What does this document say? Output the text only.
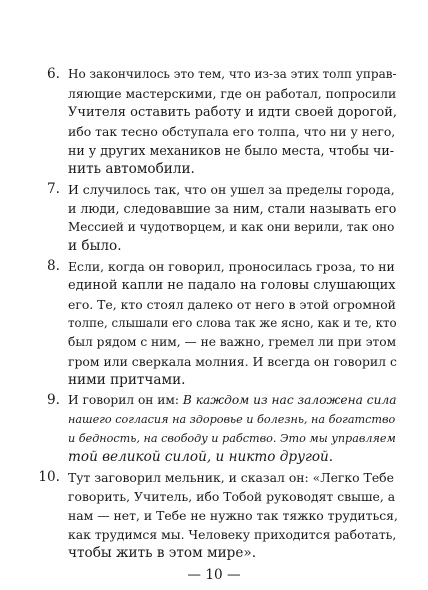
6. Но закончилось это тем, что из-за этих толп управ-
ляющие мастерскими, где он работал, попросили
Учителя оставить работу и идти своей дорогой,
ибо так тесно обступала его толпа, что ни у него,
ни у других механиков не было места, чтобы чи-
нить автомобили.
7. И случилось так, что он ушел за пределы города,
и люди, следовавшие за ним, стали называть его
Мессией и чудотворцем, и как они верили, так оно
и было.
8. Если, когда он говорил, проносилась гроза, то ни
единой капли не падало на головы слушающих
его. Те, кто стоял далеко от него в этой огромной
толпе, слышали его слова так же ясно, как и те, кто
был рядом с ним, — не важно, гремел ли при этом
гром или сверкала молния. И всегда он говорил с
ними притчами.
9. И говорил он им: В каждом из нас заложена сила
нашего согласия на здоровье и болезнь, на богатство
и бедность, на свободу и рабство. Это мы управляем
той великой силой, и никто другой.
10. Тут заговорил мельник, и сказал он: «Легко Тебе
говорить, Учитель, ибо Тобой руководят свыше, а
нам — нет, и Тебе не нужно так тяжко трудиться,
как трудимся мы. Человеку приходится работать,
чтобы жить в этом мире».
— 10 —
